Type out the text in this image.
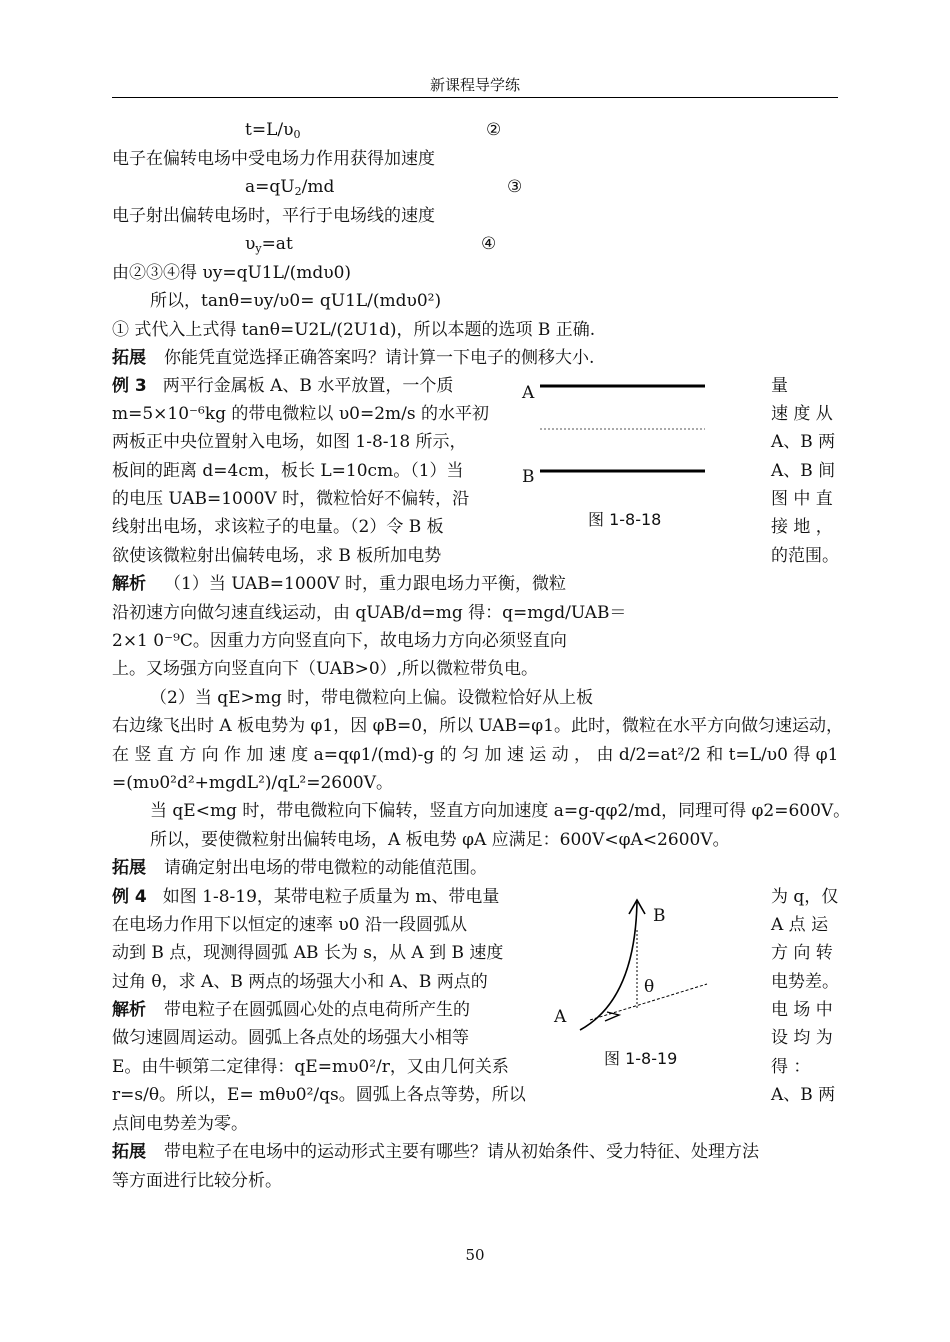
新课程导学练
$t=L/\upsilon_0$	②
电子在偏转电场中受电场力作用获得加速度
$a=qU_2/md$	③
电子射出偏转电场时，平行于电场线的速度
$\upsilon_y=at$	④
由②③④得 υy=qU1L/(mdυ0)
所以，tanθ=υy/υ0= qU1L/(mdυ0²)
① 式代入上式得 tanθ=U2L/(2U1d)，所以本题的选项 B 正确.
拓展 你能凭直觉选择正确答案吗？请计算一下电子的侧移大小.
例 3 两平行金属板 A、B 水平放置，一个质
m=5×10⁻⁶kg 的带电微粒以 υ0=2m/s 的水平初
两板正中央位置射入电场，如图 1-8-18 所示，
板间的距离 d=4cm，板长 L=10cm。（1）当
的电压 UAB=1000V 时，微粒恰好不偏转，沿
线射出电场，求该粒子的电量。（2）令 B 板
欲使该微粒射出偏转电场，求 B 板所加电势
量
速 度 从
A、B 两
A、B 间
图 中 直
接 地 ，
的范围。
A
B
图 1-8-18
解析 （1）当 UAB=1000V 时，重力跟电场力平衡，微粒
沿初速方向做匀速直线运动，由 qUAB/d=mg 得：q=mgd/UAB＝
2×1 0⁻⁹C。因重力方向竖直向下，故电场力方向必须竖直向
上。又场强方向竖直向下（UAB>0）,所以微粒带负电。
（2）当 qE>mg 时，带电微粒向上偏。设微粒恰好从上板
右边缘飞出时 A 板电势为 φ1，因 φB=0，所以 UAB=φ1。此时，微粒在水平方向做匀速运动，
在 竖 直 方 向 作 加 速 度 a=qφ1/(md)-g 的 匀 加 速 运 动 ， 由 d/2=at²/2 和 t=L/υ0 得 φ1
=(mυ0²d²+mgdL²)/qL²=2600V。
当 qE<mg 时，带电微粒向下偏转，竖直方向加速度 a=g-qφ2/md，同理可得 φ2=600V。
所以，要使微粒射出偏转电场，A 板电势 φA 应满足：600V<φA<2600V。
拓展 请确定射出电场的带电微粒的动能值范围。
例 4 如图 1-8-19，某带电粒子质量为 m、带电量
在电场力作用下以恒定的速率 υ0 沿一段圆弧从
动到 B 点，现测得圆弧 AB 长为 s，从 A 到 B 速度
过角 θ，求 A、B 两点的场强大小和 A、B 两点的
解析 带电粒子在圆弧圆心处的点电荷所产生的
做匀速圆周运动。圆弧上各点处的场强大小相等
E。由牛顿第二定律得：qE=mυ0²/r，又由几何关系
r=s/θ。所以，E= mθυ0²/qs。圆弧上各点等势，所以
点间电势差为零。
为 q，仅
A 点 运
方 向 转
电势差。
电 场 中
设 均 为
得 ：
A、B 两
B
θ
A
图 1-8-19
拓展 带电粒子在电场中的运动形式主要有哪些？请从初始条件、受力特征、处理方法
等方面进行比较分析。
50
